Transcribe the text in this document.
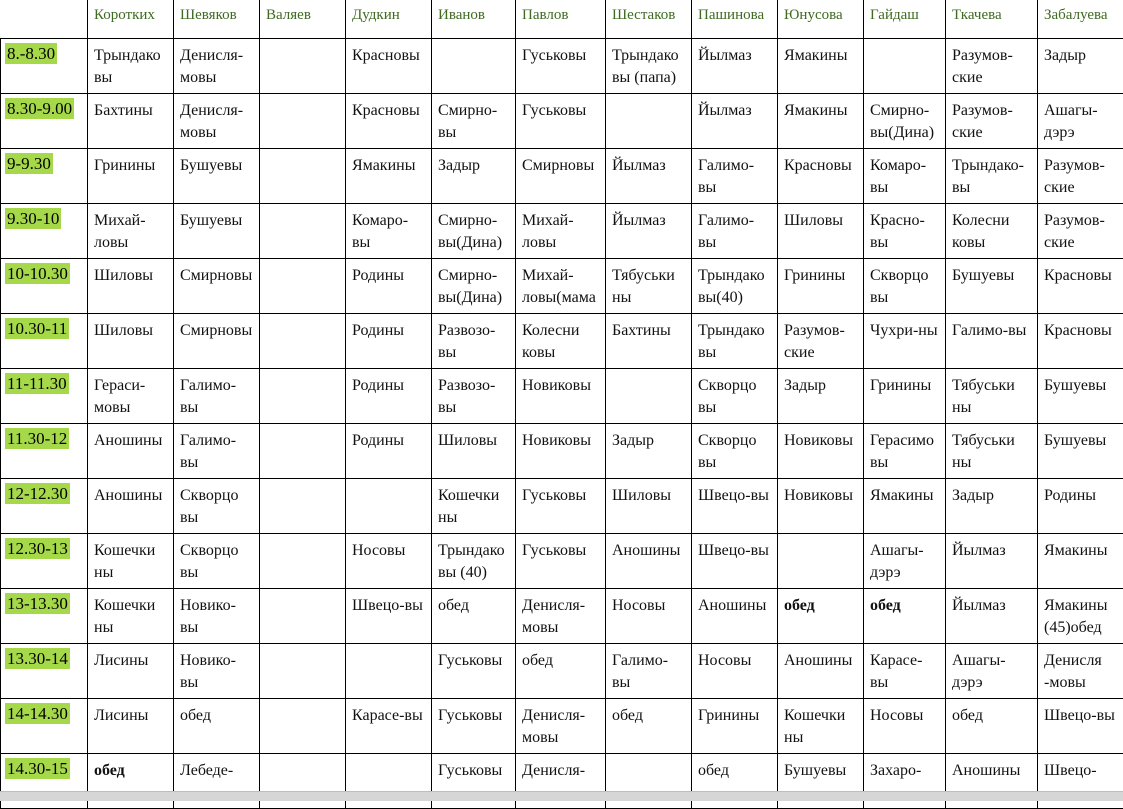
	Коротких	Шевяков	Валяев	Дудкин	Иванов	Павлов	Шестаков	Пашинова	Юнусова	Гайдаш	Ткачева	Забалуева
8.-8.30	Трындако вы	Денисля-мовы		Красновы		Гуськовы	Трындако вы (папа)	Йылмаз	Ямакины		Разумов-ские	Задыр
8.30-9.00	Бахтины	Денисля-мовы		Красновы	Смирно-вы	Гуськовы		Йылмаз	Ямакины	Смирно-вы(Дина)	Разумов-ские	Ашагы-дэрэ
9-9.30	Гринины	Бушуевы		Ямакины	Задыр	Смирновы	Йылмаз	Галимо-вы	Красновы	Комаро-вы	Трындако-вы	Разумов-ские
9.30-10	Михай-ловы	Бушуевы		Комаро-вы	Смирно-вы(Дина)	Михай-ловы	Йылмаз	Галимо-вы	Шиловы	Красно-вы	Колесни ковы	Разумов-ские
10-10.30	Шиловы	Смирновы		Родины	Смирно-вы(Дина)	Михай-ловы(мама	Тябуськи ны	Трындако вы(40)	Гринины	Скворцо вы	Бушуевы	Красновы
10.30-11	Шиловы	Смирновы		Родины	Развозо-вы	Колесни ковы	Бахтины	Трындако вы	Разумов-ские	Чухри-ны	Галимо-вы	Красновы
11-11.30	Гераси-мовы	Галимо-вы		Родины	Развозо-вы	Новиковы		Скворцо вы	Задыр	Гринины	Тябуськи ны	Бушуевы
11.30-12	Аношины	Галимо-вы		Родины	Шиловы	Новиковы	Задыр	Скворцо вы	Новиковы	Герасимо вы	Тябуськи ны	Бушуевы
12-12.30	Аношины	Скворцо вы			Кошечки ны	Гуськовы	Шиловы	Швецо-вы	Новиковы	Ямакины	Задыр	Родины
12.30-13	Кошечки ны	Скворцо вы		Носовы	Трындако вы (40)	Гуськовы	Аношины	Швецо-вы		Ашагы-дэрэ	Йылмаз	Ямакины
13-13.30	Кошечки ны	Новико-вы		Швецо-вы	обед	Денисля-мовы	Носовы	Аношины	обед	обед	Йылмаз	Ямакины (45)обед
13.30-14	Лисины	Новико-вы			Гуськовы	обед	Галимо-вы	Носовы	Аношины	Карасе-вы	Ашагы-дэрэ	Денисля -мовы
14-14.30	Лисины	обед		Карасе-вы	Гуськовы	Денисля-мовы	обед	Гринины	Кошечки ны	Носовы	обед	Швецо-вы
14.30-15	обед	Лебеде-			Гуськовы	Денисля-		обед	Бушуевы	Захаро-	Аношины	Швецо-
